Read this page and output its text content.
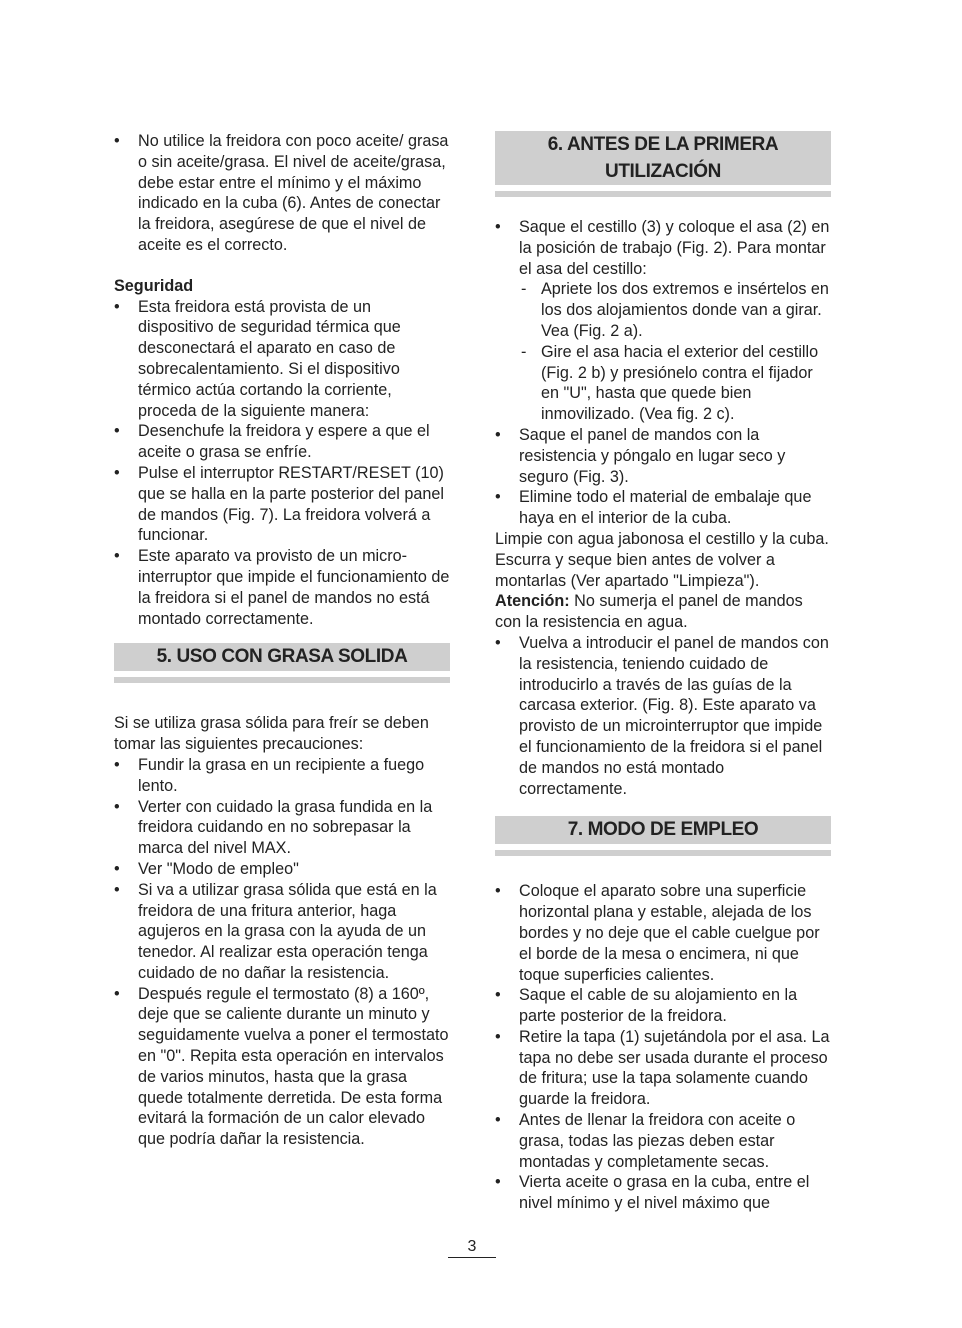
• No utilice la freidora con poco aceite/ grasa o sin aceite/grasa. El nivel de aceite/grasa, debe estar entre el mínimo y el máximo indicado en la cuba (6). Antes de conectar la freidora, asegúrese de que el nivel de aceite es el correcto.

Seguridad

• Esta freidora está provista de un dispositivo de seguridad térmica que desconectará el aparato en caso de sobrecalentamiento. Si el dispositivo térmico actúa cortando la corriente, proceda de la siguiente manera:

• Desenchufe la freidora y espere a que el aceite o grasa se enfríe.

• Pulse el interruptor RESTART/RESET (10) que se halla en la parte posterior del panel de mandos (Fig. 7). La freidora volverá a funcionar.

• Este aparato va provisto de un micro-interruptor que impide el funcionamiento de la freidora si el panel de mandos no está montado correctamente.

5. USO CON GRASA SOLIDA

Si se utiliza grasa sólida para freír se deben tomar las siguientes precauciones:

• Fundir la grasa en un recipiente a fuego lento.

• Verter con cuidado la grasa fundida en la freidora cuidando en no sobrepasar la marca del nivel MAX.

• Ver "Modo de empleo"

• Si va a utilizar grasa sólida que está en la freidora de una fritura anterior, haga agujeros en la grasa con la ayuda de un tenedor. Al realizar esta operación tenga cuidado de no dañar la resistencia.

• Después regule el termostato (8) a 160º, deje que se caliente durante un minuto y seguidamente vuelva a poner el termostato en "0". Repita esta operación en intervalos de varios minutos, hasta que la grasa quede totalmente derretida. De esta forma evitará la formación de un calor elevado que podría dañar la resistencia.

6. ANTES DE LA PRIMERA
UTILIZACIÓN
• Saque el cestillo (3) y coloque el asa (2) en la posición de trabajo (Fig. 2). Para montar el asa del cestillo:

- Apriete los dos extremos e insértelos en los dos alojamientos donde van a girar. Vea (Fig. 2 a).

- Gire el asa hacia el exterior del cestillo (Fig. 2 b) y presiónelo contra el fijador en "U", hasta que quede bien inmovilizado. (Vea fig. 2 c).

• Saque el panel de mandos con la resistencia y póngalo en lugar seco y seguro (Fig. 3).

• Elimine todo el material de embalaje que haya en el interior de la cuba.

Limpie con agua jabonosa el cestillo y la cuba. Escurra y seque bien antes de volver a montarlas (Ver apartado "Limpieza").

Atención: No sumerja el panel de mandos con la resistencia en agua.

• Vuelva a introducir el panel de mandos con la resistencia, teniendo cuidado de introducirlo a través de las guías de la carcasa exterior. (Fig. 8). Este aparato va provisto de un microinterruptor que impide el funcionamiento de la freidora si el panel de mandos no está montado correctamente.

7. MODO DE EMPLEO
• Coloque el aparato sobre una superficie horizontal plana y estable, alejada de los bordes y no deje que el cable cuelgue por el borde de la mesa o encimera, ni que toque superficies calientes.

• Saque el cable de su alojamiento en la parte posterior de la freidora.

• Retire la tapa (1) sujetándola por el asa. La tapa no debe ser usada durante el proceso de fritura; use la tapa solamente cuando guarde la freidora.

• Antes de llenar la freidora con aceite o grasa, todas las piezas deben estar montadas y completamente secas.

• Vierta aceite o grasa en la cuba, entre el nivel mínimo y el nivel máximo que

3
